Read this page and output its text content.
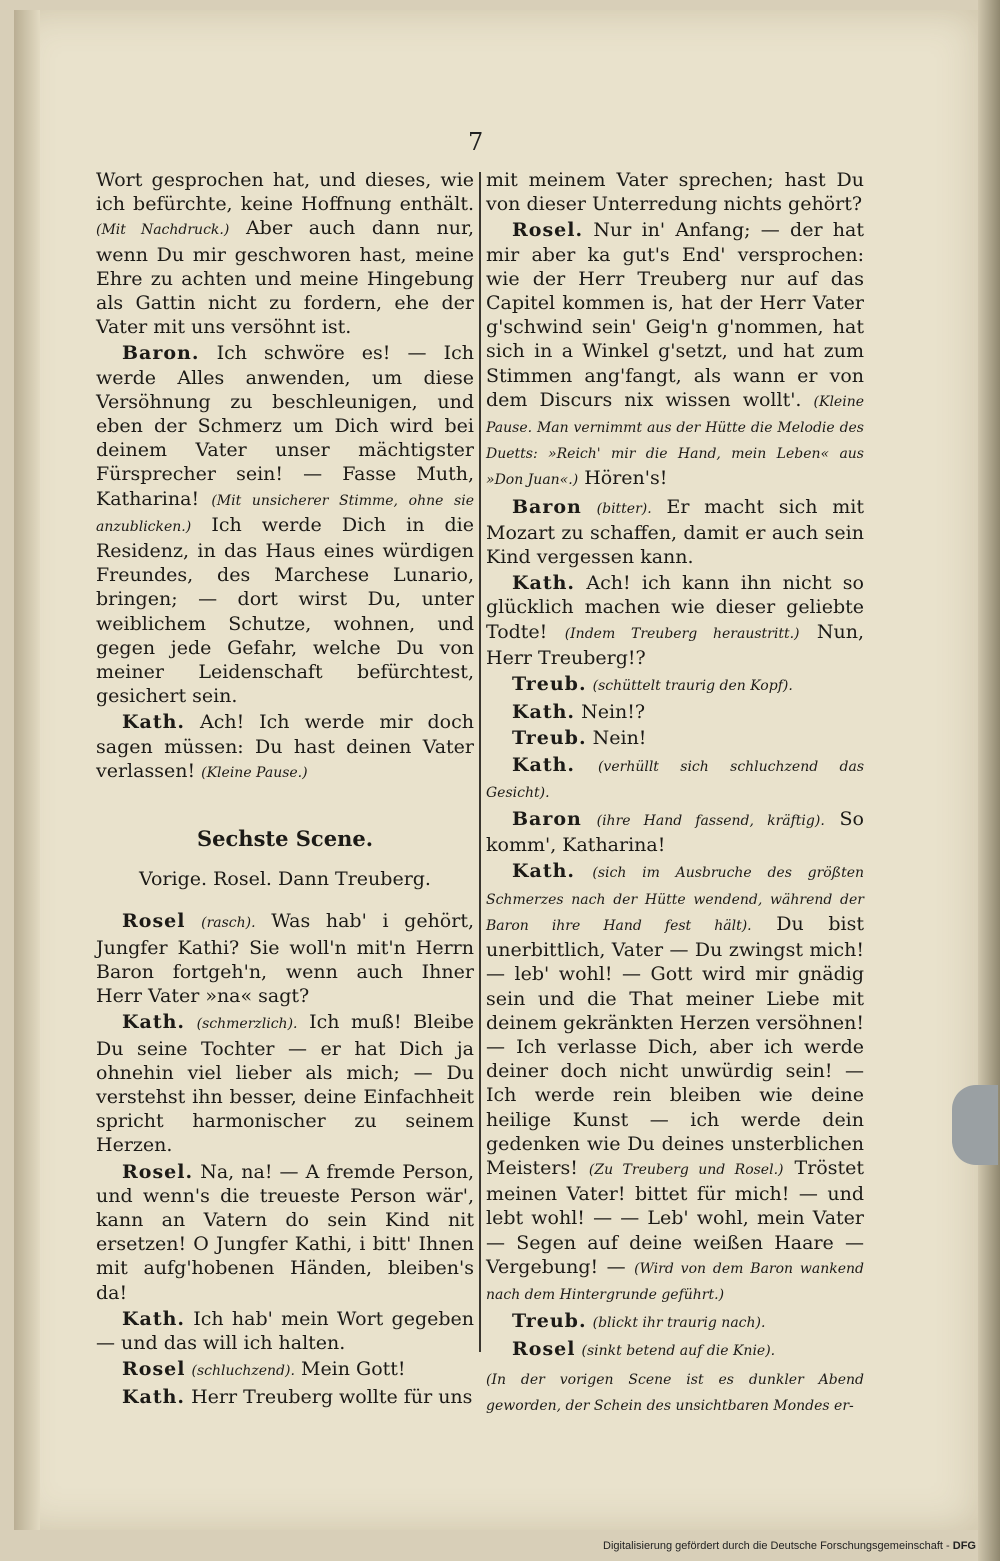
7

Wort gesprochen hat, und dieses, wie ich befürchte, keine Hoffnung enthält. (Mit Nachdruck.) Aber auch dann nur, wenn Du mir geschworen hast, meine Ehre zu achten und meine Hingebung als Gattin nicht zu fordern, ehe der Vater mit uns versöhnt ist.

Baron. Ich schwöre es! — Ich werde Alles anwenden, um diese Versöhnung zu beschleunigen, und eben der Schmerz um Dich wird bei deinem Vater unser mächtigster Fürsprecher sein! — Fasse Muth, Katharina! (Mit unsicherer Stimme, ohne sie anzublicken.) Ich werde Dich in die Residenz, in das Haus eines würdigen Freundes, des Marchese Lunario, bringen; — dort wirst Du, unter weiblichem Schutze, wohnen, und gegen jede Gefahr, welche Du von meiner Leidenschaft befürchtest, gesichert sein.

Kath. Ach! Ich werde mir doch sagen müssen: Du hast deinen Vater verlassen! (Kleine Pause.)

Sechste Scene.

Vorige. Rosel. Dann Treuberg.

Rosel (rasch). Was hab' i gehört, Jungfer Kathi? Sie woll'n mit'n Herrn Baron fortgeh'n, wenn auch Ihner Herr Vater »na« sagt?

Kath. (schmerzlich). Ich muß! Bleibe Du seine Tochter — er hat Dich ja ohnehin viel lieber als mich; — Du verstehst ihn besser, deine Einfachheit spricht harmonischer zu seinem Herzen.

Rosel. Na, na! — A fremde Person, und wenn's die treueste Person wär', kann an Vatern do sein Kind nit ersetzen! O Jungfer Kathi, i bitt' Ihnen mit aufg'hobenen Händen, bleiben's da!

Kath. Ich hab' mein Wort gegeben — und das will ich halten.

Rosel (schluchzend). Mein Gott!

Kath. Herr Treuberg wollte für uns

mit meinem Vater sprechen; hast Du von dieser Unterredung nichts gehört?

Rosel. Nur in' Anfang; — der hat mir aber ka gut's End' versprochen: wie der Herr Treuberg nur auf das Capitel kommen is, hat der Herr Vater g'schwind sein' Geig'n g'nommen, hat sich in a Winkel g'setzt, und hat zum Stimmen ang'fangt, als wann er von dem Discurs nix wissen wollt'. (Kleine Pause. Man vernimmt aus der Hütte die Melodie des Duetts: »Reich' mir die Hand, mein Leben« aus »Don Juan«.) Hören's!

Baron (bitter). Er macht sich mit Mozart zu schaffen, damit er auch sein Kind vergessen kann.

Kath. Ach! ich kann ihn nicht so glücklich machen wie dieser geliebte Todte! (Indem Treuberg heraustritt.) Nun, Herr Treuberg!?

Treub. (schüttelt traurig den Kopf).

Kath. Nein!?

Treub. Nein!

Kath. (verhüllt sich schluchzend das Gesicht).

Baron (ihre Hand fassend, kräftig). So komm', Katharina!

Kath. (sich im Ausbruche des größten Schmerzes nach der Hütte wendend, während der Baron ihre Hand fest hält). Du bist unerbittlich, Vater — Du zwingst mich! — leb' wohl! — Gott wird mir gnädig sein und die That meiner Liebe mit deinem gekränkten Herzen versöhnen! — Ich verlasse Dich, aber ich werde deiner doch nicht unwürdig sein! — Ich werde rein bleiben wie deine heilige Kunst — ich werde dein gedenken wie Du deines unsterblichen Meisters! (Zu Treuberg und Rosel.) Tröstet meinen Vater! bittet für mich! — und lebt wohl! — — Leb' wohl, mein Vater — Segen auf deine weißen Haare — Vergebung! — (Wird von dem Baron wankend nach dem Hintergrunde geführt.)

Treub. (blickt ihr traurig nach).

Rosel (sinkt betend auf die Knie).

(In der vorigen Scene ist es dunkler Abend geworden, der Schein des unsichtbaren Mondes er-

Digitalisierung gefördert durch die Deutsche Forschungsgemeinschaft - DFG
